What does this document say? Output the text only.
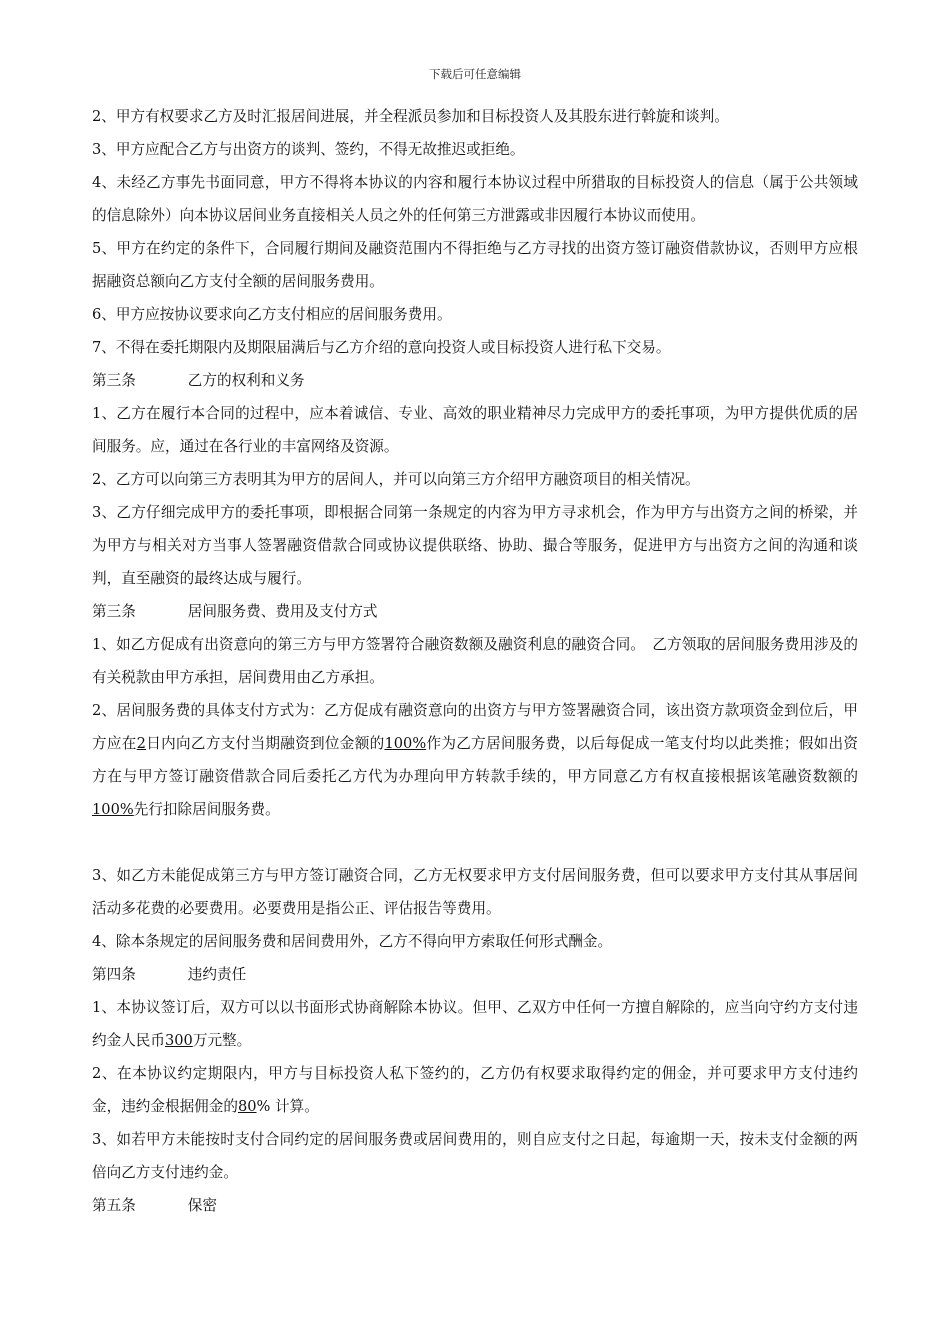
下载后可任意编辑

2、甲方有权要求乙方及时汇报居间进展，并全程派员参加和目标投资人及其股东进行斡旋和谈判。

3、甲方应配合乙方与出资方的谈判、签约，不得无故推迟或拒绝。

4、未经乙方事先书面同意，甲方不得将本协议的内容和履行本协议过程中所猎取的目标投资人的信息（属于公共领域的信息除外）向本协议居间业务直接相关人员之外的任何第三方泄露或非因履行本协议而使用。

5、甲方在约定的条件下，合同履行期间及融资范围内不得拒绝与乙方寻找的出资方签订融资借款协议，否则甲方应根据融资总额向乙方支付全额的居间服务费用。

6、甲方应按协议要求向乙方支付相应的居间服务费用。

7、不得在委托期限内及期限届满后与乙方介绍的意向投资人或目标投资人进行私下交易。

第三条	乙方的权利和义务

1、乙方在履行本合同的过程中，应本着诚信、专业、高效的职业精神尽力完成甲方的委托事项，为甲方提供优质的居间服务。应，通过在各行业的丰富网络及资源。

2、乙方可以向第三方表明其为甲方的居间人，并可以向第三方介绍甲方融资项目的相关情况。

3、乙方仔细完成甲方的委托事项，即根据合同第一条规定的内容为甲方寻求机会，作为甲方与出资方之间的桥梁，并为甲方与相关对方当事人签署融资借款合同或协议提供联络、协助、撮合等服务，促进甲方与出资方之间的沟通和谈判，直至融资的最终达成与履行。

第三条	居间服务费、费用及支付方式

1、如乙方促成有出资意向的第三方与甲方签署符合融资数额及融资利息的融资合同。　乙方领取的居间服务费用涉及的有关税款由甲方承担，居间费用由乙方承担。

2、居间服务费的具体支付方式为：乙方促成有融资意向的出资方与甲方签署融资合同，该出资方款项资金到位后，甲方应在2日内向乙方支付当期融资到位金额的100%作为乙方居间服务费，以后每促成一笔支付均以此类推；假如出资方在与甲方签订融资借款合同后委托乙方代为办理向甲方转款手续的，甲方同意乙方有权直接根据该笔融资数额的100%先行扣除居间服务费。

3、如乙方未能促成第三方与甲方签订融资合同，乙方无权要求甲方支付居间服务费，但可以要求甲方支付其从事居间活动多花费的必要费用。必要费用是指公正、评估报告等费用。

4、除本条规定的居间服务费和居间费用外，乙方不得向甲方索取任何形式酬金。

第四条	违约责任

1、本协议签订后，双方可以以书面形式协商解除本协议。但甲、乙双方中任何一方擅自解除的，应当向守约方支付违约金人民币300万元整。

2、在本协议约定期限内，甲方与目标投资人私下签约的，乙方仍有权要求取得约定的佣金，并可要求甲方支付违约金，违约金根据佣金的80% 计算。

3、如若甲方未能按时支付合同约定的居间服务费或居间费用的，则自应支付之日起，每逾期一天，按未支付金额的两倍向乙方支付违约金。

第五条	保密
